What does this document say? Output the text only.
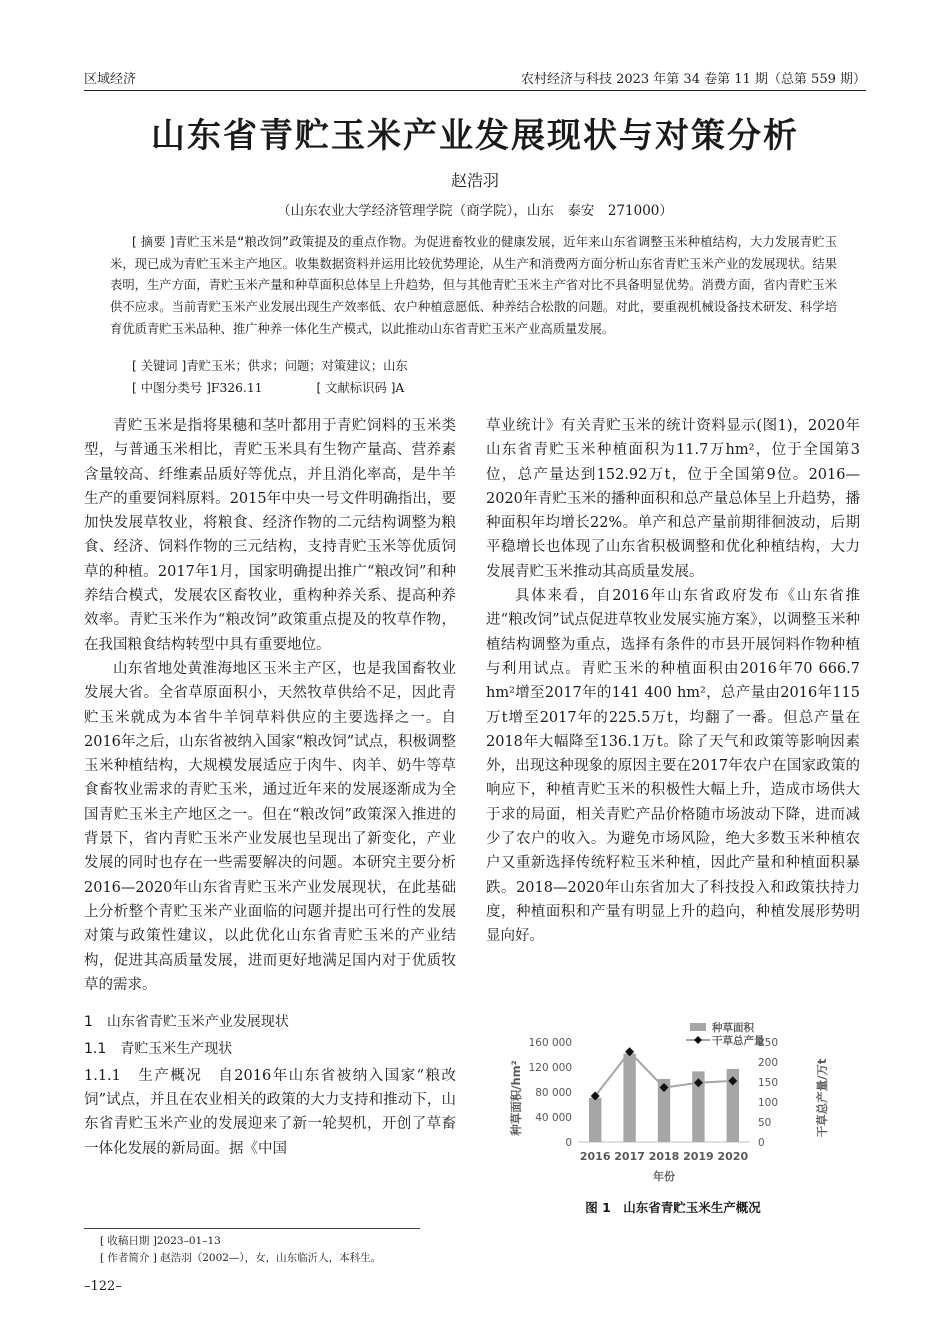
区域经济	农村经济与科技 2023 年第 34 卷第 11 期（总第 559 期）
山东省青贮玉米产业发展现状与对策分析
赵浩羽
（山东农业大学经济管理学院（商学院），山东　泰安　271000）
[ 摘要 ]青贮玉米是“粮改饲”政策提及的重点作物。为促进畜牧业的健康发展，近年来山东省调整玉米种植结构，大力发展青贮玉米，现已成为青贮玉米主产地区。收集数据资料并运用比较优势理论，从生产和消费两方面分析山东省青贮玉米产业的发展现状。结果表明，生产方面，青贮玉米产量和种草面积总体呈上升趋势，但与其他青贮玉米主产省对比不具备明显优势。消费方面，省内青贮玉米供不应求。当前青贮玉米产业发展出现生产效率低、农户种植意愿低、种养结合松散的问题。对此，要重视机械设备技术研发、科学培育优质青贮玉米品种、推广种养一体化生产模式，以此推动山东省青贮玉米产业高质量发展。
[ 关键词 ]青贮玉米；供求；问题；对策建议；山东
[ 中图分类号 ]F326.11	[ 文献标识码 ]A

青贮玉米是指将果穗和茎叶都用于青贮饲料的玉米类型，与普通玉米相比，青贮玉米具有生物产量高、营养素含量较高、纤维素品质好等优点，并且消化率高，是牛羊生产的重要饲料原料。2015年中央一号文件明确指出，要加快发展草牧业，将粮食、经济作物的二元结构调整为粮食、经济、饲料作物的三元结构，支持青贮玉米等优质饲草的种植。2017年1月，国家明确提出推广“粮改饲”和种养结合模式，发展农区畜牧业，重构种养关系、提高种养效率。青贮玉米作为“粮改饲”政策重点提及的牧草作物，在我国粮食结构转型中具有重要地位。

山东省地处黄淮海地区玉米主产区，也是我国畜牧业发展大省。全省草原面积小，天然牧草供给不足，因此青贮玉米就成为本省牛羊饲草料供应的主要选择之一。自2016年之后，山东省被纳入国家“粮改饲”试点，积极调整玉米种植结构，大规模发展适应于肉牛、肉羊、奶牛等草食畜牧业需求的青贮玉米，通过近年来的发展逐渐成为全国青贮玉米主产地区之一。但在“粮改饲”政策深入推进的背景下，省内青贮玉米产业发展也呈现出了新变化，产业发展的同时也存在一些需要解决的问题。本研究主要分析2016—2020年山东省青贮玉米产业发展现状，在此基础上分析整个青贮玉米产业面临的问题并提出可行性的发展对策与政策性建议，以此优化山东省青贮玉米的产业结构，促进其高质量发展，进而更好地满足国内对于优质牧草的需求。

1　山东省青贮玉米产业发展现状
1.1　青贮玉米生产现状

1.1.1　生产概况　自2016年山东省被纳入国家“粮改饲”试点，并且在农业相关的政策的大力支持和推动下，山东省青贮玉米产业的发展迎来了新一轮契机，开创了草畜一体化发展的新局面。据《中国

草业统计》有关青贮玉米的统计资料显示(图1)，2020年山东省青贮玉米种植面积为11.7万hm²，位于全国第3位，总产量达到152.92万t，位于全国第9位。2016—2020年青贮玉米的播种面积和总产量总体呈上升趋势，播种面积年均增长22%。单产和总产量前期徘徊波动，后期平稳增长也体现了山东省积极调整和优化种植结构，大力发展青贮玉米推动其高质量发展。

具体来看，自2016年山东省政府发布《山东省推进“粮改饲”试点促进草牧业发展实施方案》，以调整玉米种植结构调整为重点，选择有条件的市县开展饲料作物种植与利用试点。青贮玉米的种植面积由2016年70 666.7 hm²增至2017年的141 400 hm²，总产量由2016年115万t增至2017年的225.5万t，均翻了一番。但总产量在2018年大幅降至136.1万t。除了天气和政策等影响因素外，出现这种现象的原因主要在2017年农户在国家政策的响应下，种植青贮玉米的积极性大幅上升，造成市场供大于求的局面，相关青贮产品价格随市场波动下降，进而减少了农户的收入。为避免市场风险，绝大多数玉米种植农户又重新选择传统籽粒玉米种植，因此产量和种植面积暴跌。2018—2020年山东省加大了科技投入和政策扶持力度，种植面积和产量有明显上升的趋向，种植发展形势明显向好。

0
40 000
80 000
120 000
160 000
0
50
100
150
200
250
2016 2017 2018 2019 2020
年份
种草面积/hm²	干草总产量/万t
种草面积
干草总产量
图 1　山东省青贮玉米生产概况
[ 收稿日期 ]2023–01–13
[ 作者简介 ] 赵浩羽（2002—），女，山东临沂人，本科生。
–122–
